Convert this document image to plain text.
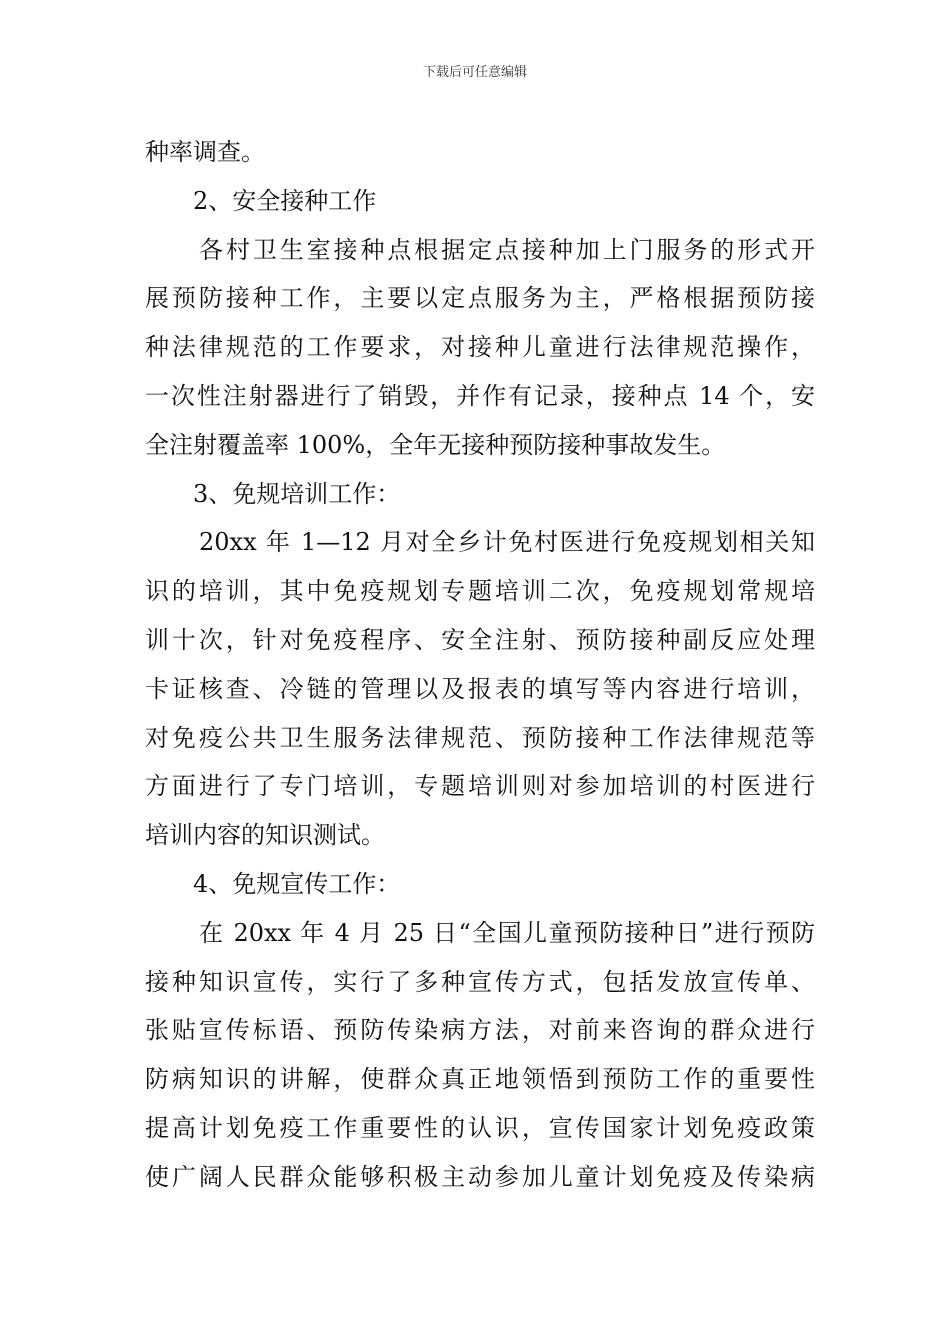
下载后可任意编辑
种率调查。
2、安全接种工作
各村卫生室接种点根据定点接种加上门服务的形式开
展预防接种工作，主要以定点服务为主，严格根据预防接
种法律规范的工作要求，对接种儿童进行法律规范操作，
一次性注射器进行了销毁，并作有记录，接种点 14 个，安
全注射覆盖率 100%，全年无接种预防接种事故发生。
3、免规培训工作：
20xx 年 1—12 月对全乡计免村医进行免疫规划相关知
识的培训，其中免疫规划专题培训二次，免疫规划常规培
训十次，针对免疫程序、安全注射、预防接种副反应处理
卡证核查、冷链的管理以及报表的填写等内容进行培训，
对免疫公共卫生服务法律规范、预防接种工作法律规范等
方面进行了专门培训，专题培训则对参加培训的村医进行
培训内容的知识测试。
4、免规宣传工作：
在 20xx 年 4 月 25 日“全国儿童预防接种日”进行预防
接种知识宣传，实行了多种宣传方式，包括发放宣传单、
张贴宣传标语、预防传染病方法，对前来咨询的群众进行
防病知识的讲解，使群众真正地领悟到预防工作的重要性
提高计划免疫工作重要性的认识，宣传国家计划免疫政策
使广阔人民群众能够积极主动参加儿童计划免疫及传染病
